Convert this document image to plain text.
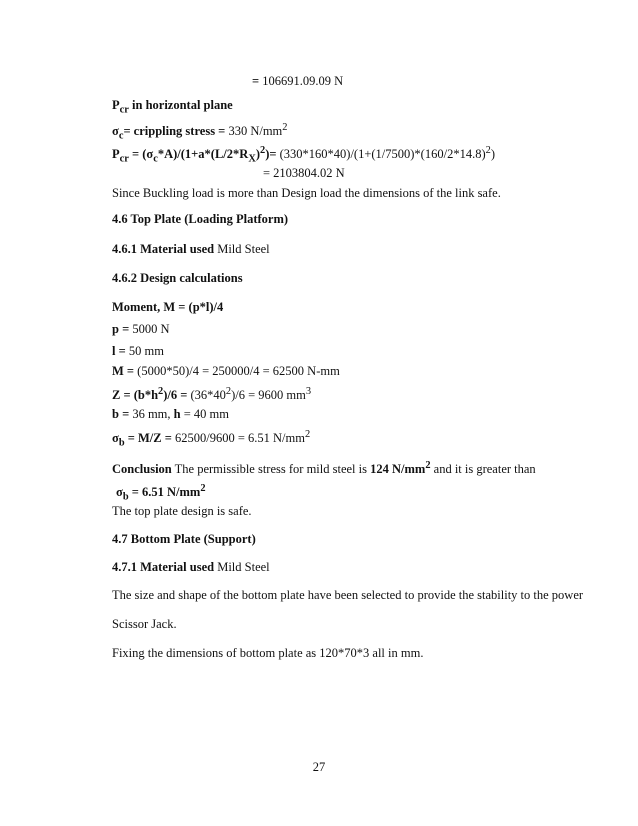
= 106691.09.09 N
$P_{cr}$ in horizontal plane
$\sigma_c=$ crippling stress = 330 $N/mm^2$
$P_{cr} = (\sigma_c*A)/(1+a*(L/2*R_X)^2)= (330*160*40)/(1+(1/7500)*(160/2*14.8)^2)$
= 2103804.02 N
Since Buckling load is more than Design load the dimensions of the link safe.
4.6 Top Plate (Loading Platform)
4.6.1 Material used Mild Steel
4.6.2 Design calculations
Moment, M = (p*l)/4
p = 5000 N
l = 50 mm
M = (5000*50)/4 = 250000/4 = 62500 N-mm
$Z = (b*h^2)/6 = (36*40^2)/6 = 9600$ $mm^3$
b = 36 mm, h = 40 mm
$\sigma_b = M/Z = 62500/9600 = 6.51$ $N/mm^2$
Conclusion The permissible stress for mild steel is 124 $N/mm^2$ and it is greater than
$\sigma_b = 6.51$ $N/mm^2$
The top plate design is safe.
4.7 Bottom Plate (Support)
4.7.1 Material used Mild Steel
The size and shape of the bottom plate have been selected to provide the stability to the power
Scissor Jack.
Fixing the dimensions of bottom plate as 120*70*3 all in mm.
27
